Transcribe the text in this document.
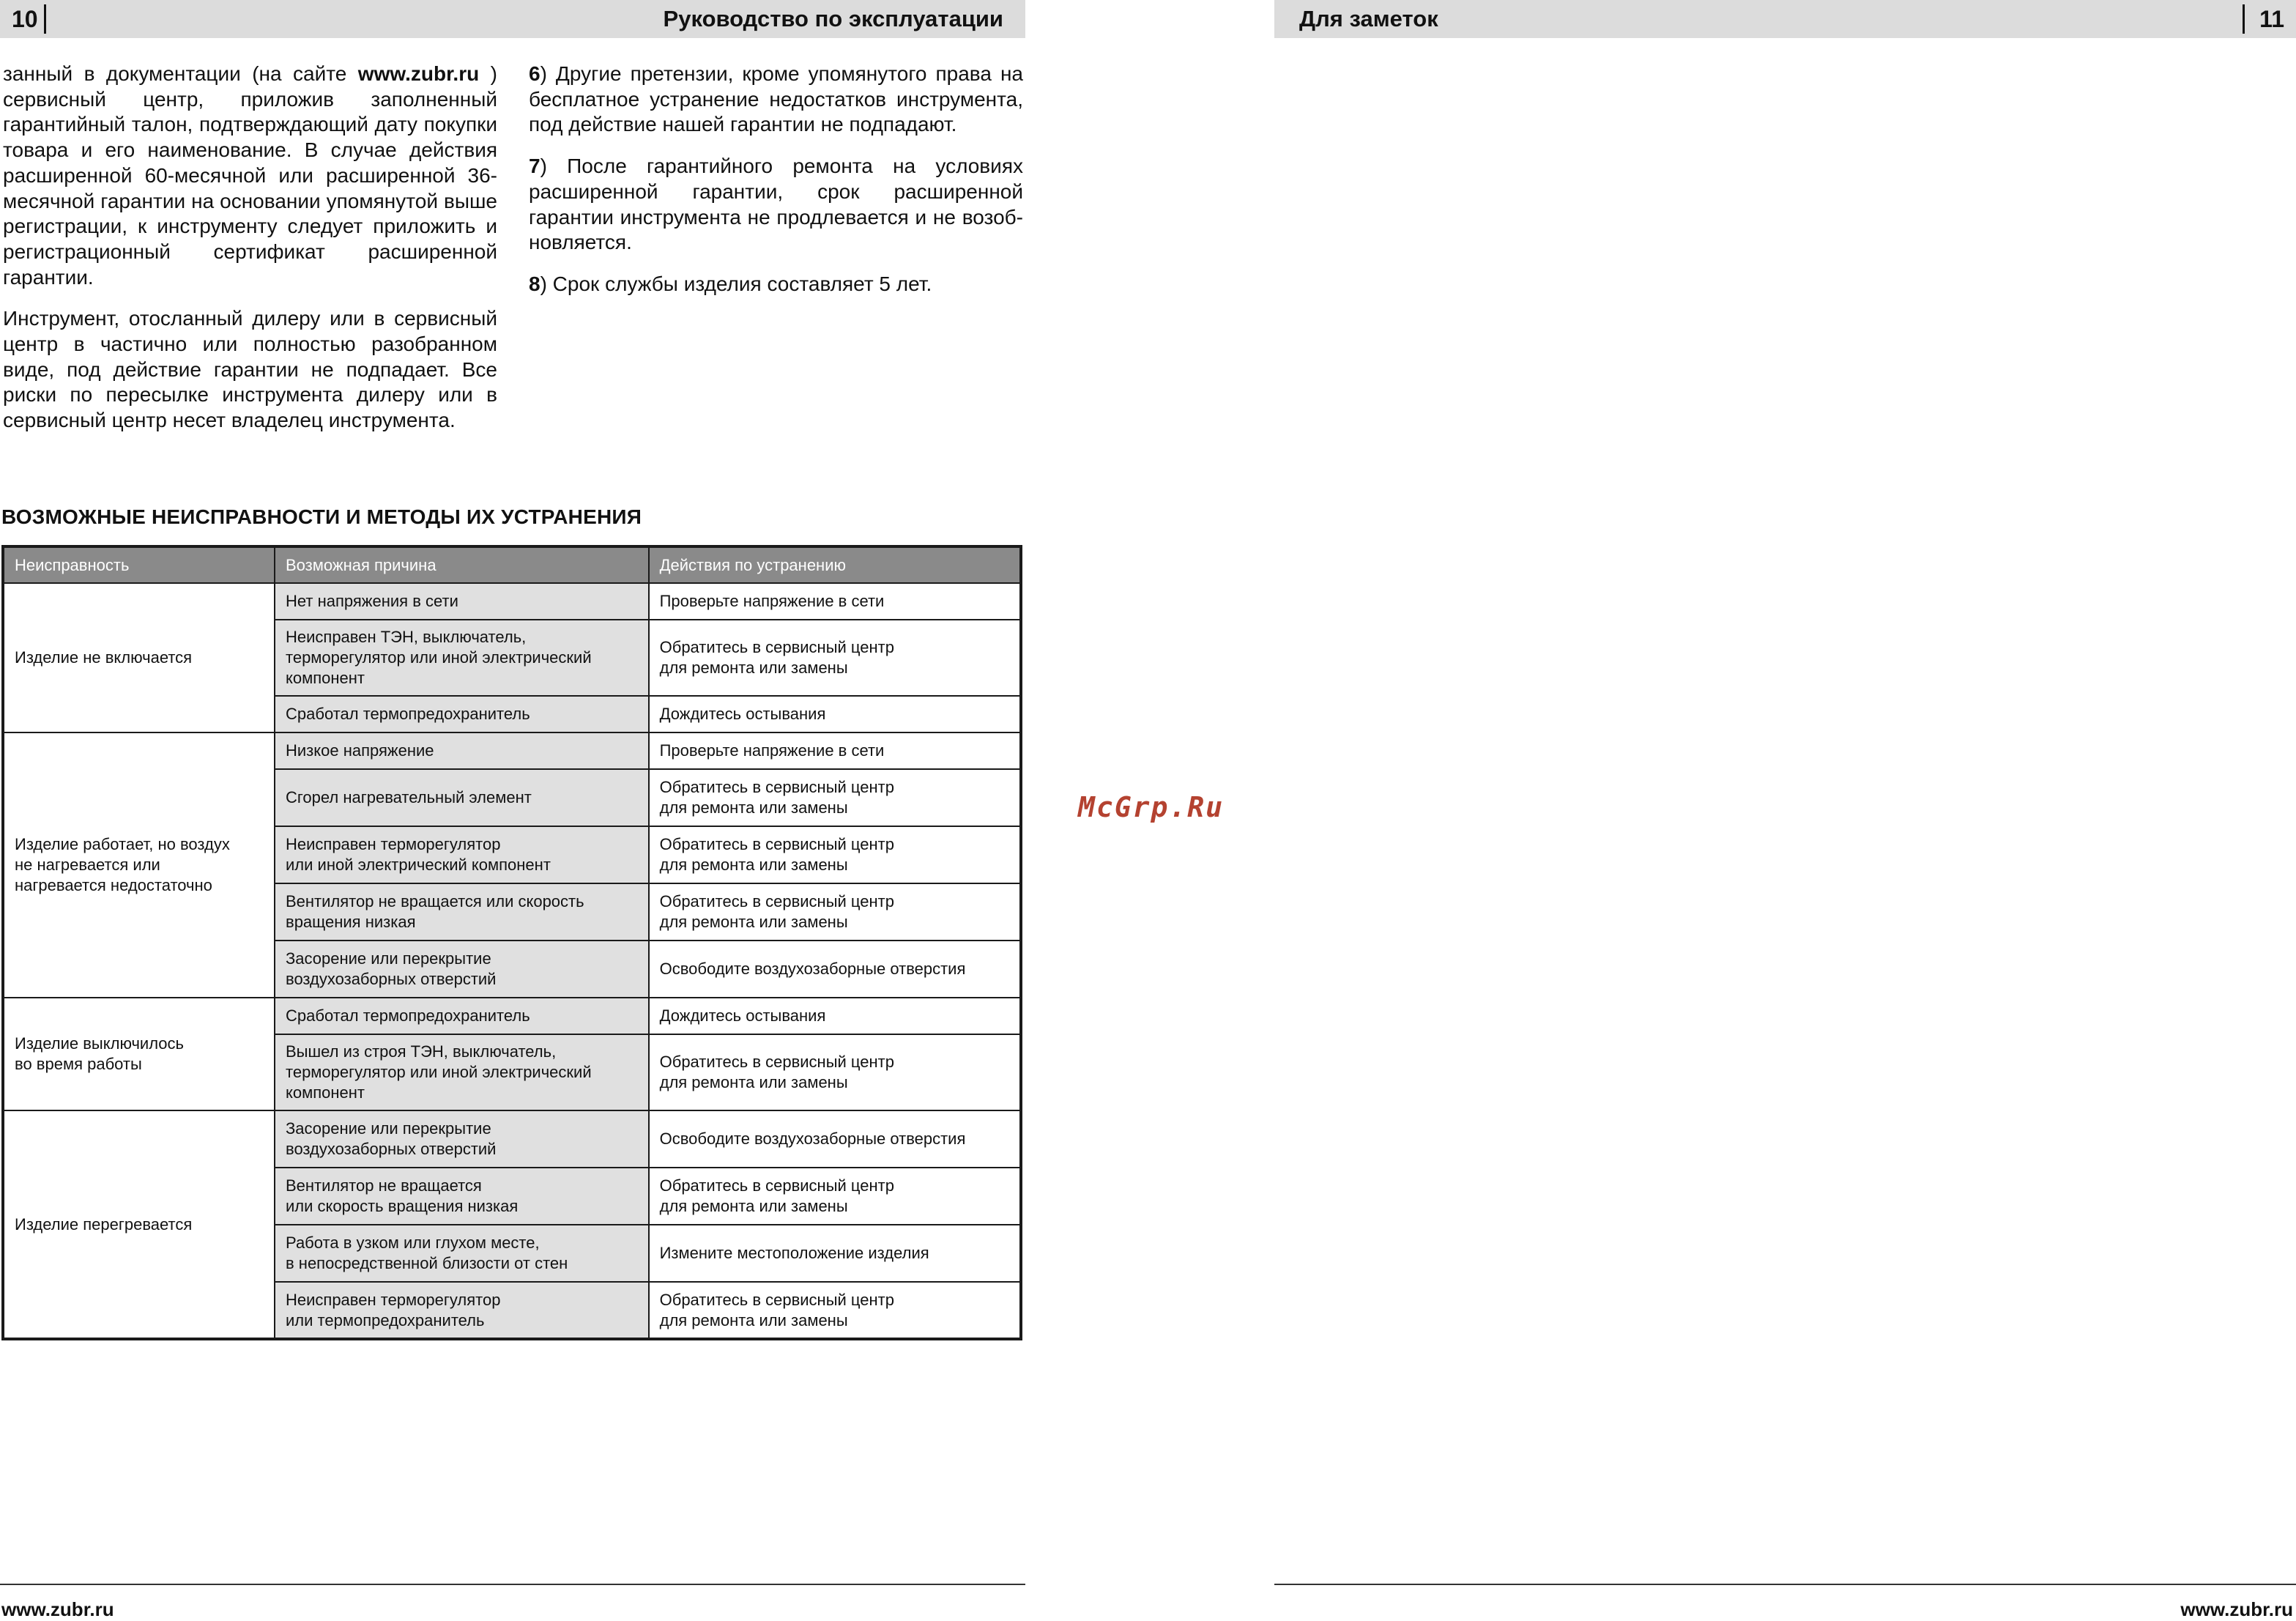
10	Руководство по эксплуатации

занный в документации (на сайте www.zubr.ru ) сервисный центр, приложив заполненный гарантийный талон, подтверждающий дату покупки товара и его наименование. В случае действия расширенной 60-месячной или расширенной 36-месячной гарантии на основании упомянутой выше регистрации, к инструменту следует приложить и регистрационный сертификат расширенной гарантии.

Инструмент, отосланный дилеру или в сервисный центр в частично или полностью разобранном виде, под действие гарантии не подпадает. Все риски по пересылке инструмента дилеру или в сервисный центр несет владелец инструмента.

6) Другие претензии, кроме упомянутого права на бесплатное устранение недостатков инструмента, под действие нашей гарантии не подпадают.

7) После гарантийного ремонта на условиях расширенной гарантии, срок расширенной гарантии инструмента не продлевается и не возоб-новляется.

8) Срок службы изделия составляет 5 лет.

ВОЗМОЖНЫЕ НЕИСПРАВНОСТИ И МЕТОДЫ ИХ УСТРАНЕНИЯ
Неисправность	Возможная причина	Действия по устранению
Изделие не включается	Нет напряжения в сети	Проверьте напряжение в сети
	Неисправен ТЭН, выключатель,
терморегулятор или иной электрический
компонент	Обратитесь в сервисный центр
для ремонта или замены
	Сработал термопредохранитель	Дождитесь остывания
Изделие работает, но воздух
не нагревается или
нагревается недостаточно	Низкое напряжение	Проверьте напряжение в сети
	Сгорел нагревательный элемент	Обратитесь в сервисный центр
для ремонта или замены
	Неисправен терморегулятор
или иной электрический компонент	Обратитесь в сервисный центр
для ремонта или замены
	Вентилятор не вращается или скорость
вращения низкая	Обратитесь в сервисный центр
для ремонта или замены
	Засорение или перекрытие
воздухозаборных отверстий	Освободите воздухозаборные отверстия
Изделие выключилось
во время работы	Сработал термопредохранитель	Дождитесь остывания
	Вышел из строя ТЭН, выключатель,
терморегулятор или иной электрический
компонент	Обратитесь в сервисный центр
для ремонта или замены
Изделие перегревается	Засорение или перекрытие
воздухозаборных отверстий	Освободите воздухозаборные отверстия
	Вентилятор не вращается
или скорость вращения низкая	Обратитесь в сервисный центр
для ремонта или замены
	Работа в узком или глухом месте,
в непосредственной близости от стен	Измените местоположение изделия
	Неисправен терморегулятор
или термопредохранитель	Обратитесь в сервисный центр
для ремонта или замены
www.zubr.ru
McGrp.Ru
Для заметок	11
www.zubr.ru
